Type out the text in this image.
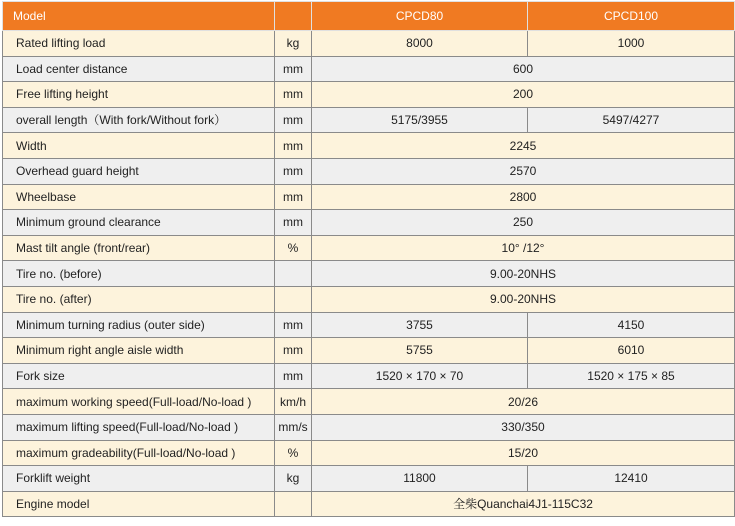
Model		CPCD80	CPCD100
Rated lifting load	kg	8000	1000
Load center distance	mm	600	
Free lifting height	mm	200	
overall length（With fork/Without fork）	mm	5175/3955	5497/4277
Width	mm	2245	
Overhead guard height	mm	2570	
Wheelbase	mm	2800	
Minimum ground clearance	mm	250	
Mast tilt angle (front/rear)	%	10° /12°	
Tire no. (before)		9.00-20NHS	
Tire no. (after)		9.00-20NHS	
Minimum turning radius (outer side)	mm	3755	4150
Minimum right angle aisle width	mm	5755	6010
Fork size	mm	1520 × 170 × 70	1520 × 175 × 85
maximum working speed(Full-load/No-load )	km/h	20/26	
maximum lifting speed(Full-load/No-load )	mm/s	330/350	
maximum gradeability(Full-load/No-load )	%	15/20	
Forklift weight	kg	11800	12410
Engine model		全柴Quanchai4J1-115C32	
